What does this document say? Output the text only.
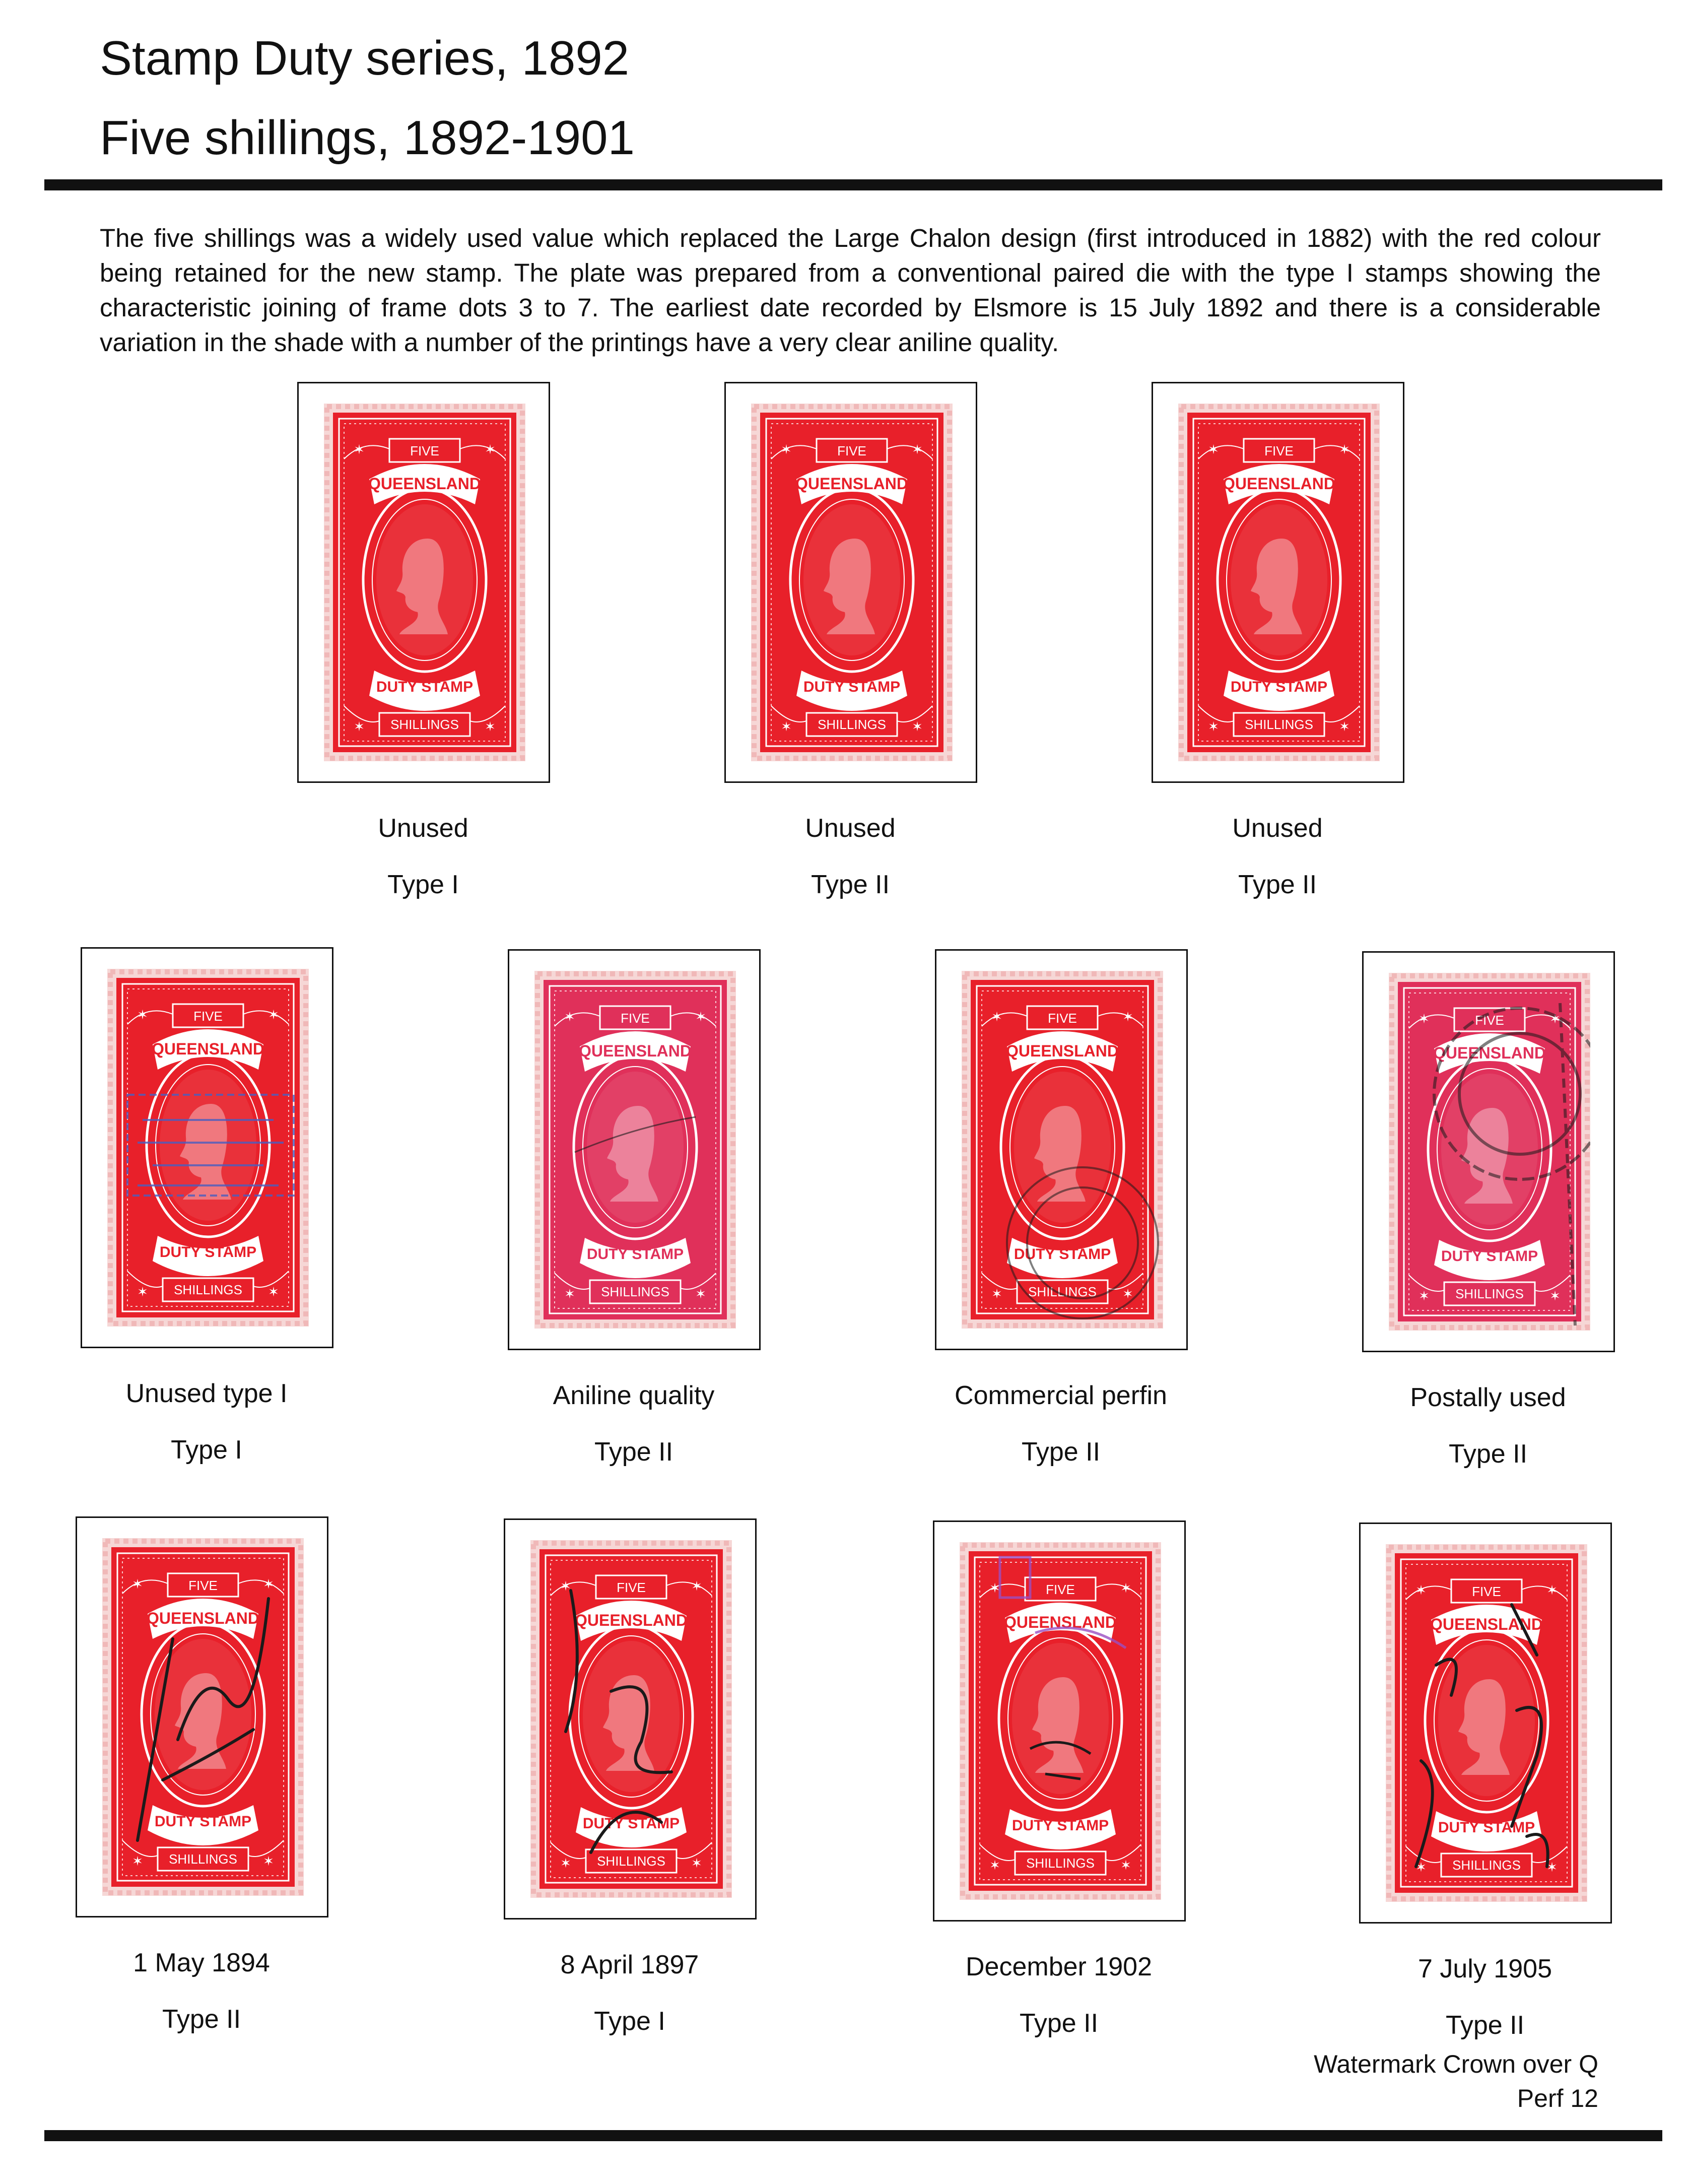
Stamp Duty series, 1892
Five shillings, 1892-1901

The five shillings was a widely used value which replaced the Large Chalon design (first introduced in 1882) with the red colour being retained for the new stamp. The plate was prepared from a conventional paired die with the type I stamps showing the characteristic joining of frame dots 3 to 7. The earliest date recorded by Elsmore is 15 July 1892 and there is a considerable variation in the shade with a number of the printings have a very clear aniline quality.

FIVE
QUEENSLAND
DUTY STAMP
SHILLINGS
Unused
Type I
FIVE
QUEENSLAND
DUTY STAMP
SHILLINGS
Unused
Type II
FIVE
QUEENSLAND
DUTY STAMP
SHILLINGS
Unused
Type II
FIVE
QUEENSLAND
DUTY STAMP
SHILLINGS
Unused type I
Type I
FIVE
QUEENSLAND
DUTY STAMP
SHILLINGS
Aniline quality
Type II
FIVE
QUEENSLAND
DUTY STAMP
SHILLINGS
Commercial perfin
Type II
FIVE
QUEENSLAND
DUTY STAMP
SHILLINGS
Postally used
Type II
FIVE
QUEENSLAND
DUTY STAMP
SHILLINGS
1 May 1894
Type II
FIVE
QUEENSLAND
DUTY STAMP
SHILLINGS
8 April 1897
Type I
FIVE
QUEENSLAND
DUTY STAMP
SHILLINGS
December 1902
Type II
FIVE
QUEENSLAND
DUTY STAMP
SHILLINGS
7 July 1905
Type II
Watermark Crown over Q
Perf 12
